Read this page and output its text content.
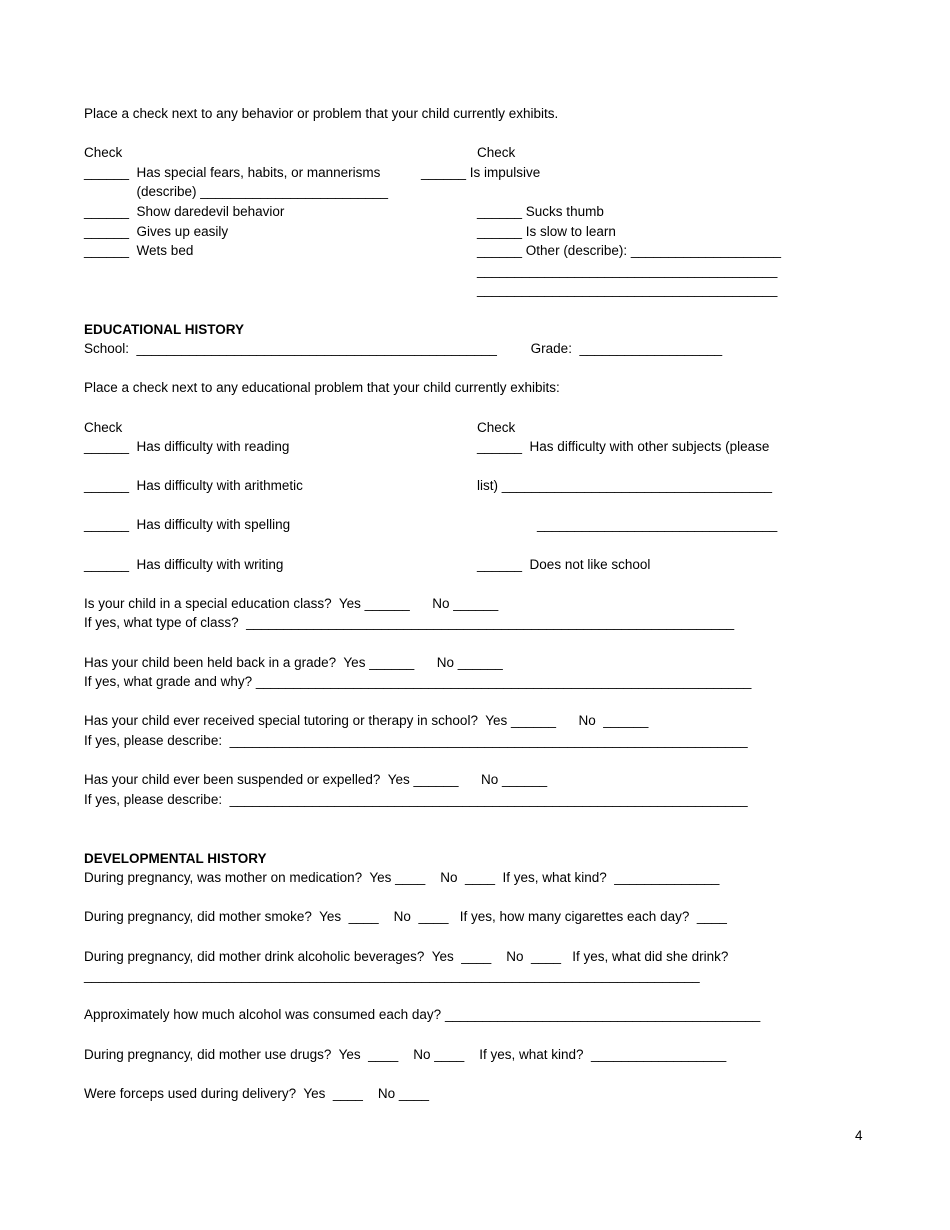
Place a check next to any behavior or problem that your child currently exhibits.
Check	Check
______  Has special fears, habits, or mannerisms	______ Is impulsive
(describe) _________________________
______  Show daredevil behavior	______ Sucks thumb
______  Gives up easily	______ Is slow to learn
______  Wets bed	______ Other (describe): ____________________
________________________________________
________________________________________
EDUCATIONAL HISTORY
School:  ________________________________________________         Grade:  ___________________
Place a check next to any educational problem that your child currently exhibits:
Check	Check
______  Has difficulty with reading	______  Has difficulty with other subjects (please
______  Has difficulty with arithmetic	list) ____________________________________
______  Has difficulty with spelling	________________________________
______  Has difficulty with writing	______  Does not like school
Is your child in a special education class?  Yes ______      No ______
If yes, what type of class?  _________________________________________________________________
Has your child been held back in a grade?  Yes ______      No ______
If yes, what grade and why? __________________________________________________________________
Has your child ever received special tutoring or therapy in school?  Yes ______      No  ______
If yes, please describe:  _____________________________________________________________________
Has your child ever been suspended or expelled?  Yes ______      No ______
If yes, please describe:  _____________________________________________________________________
DEVELOPMENTAL HISTORY
During pregnancy, was mother on medication?  Yes ____    No  ____  If yes, what kind?  ______________
During pregnancy, did mother smoke?  Yes  ____    No  ____   If yes, how many cigarettes each day?  ____
During pregnancy, did mother drink alcoholic beverages?  Yes  ____    No  ____   If yes, what did she drink?
__________________________________________________________________________________
Approximately how much alcohol was consumed each day? __________________________________________
During pregnancy, did mother use drugs?  Yes  ____    No ____    If yes, what kind?  __________________
Were forceps used during delivery?  Yes  ____    No ____
4
